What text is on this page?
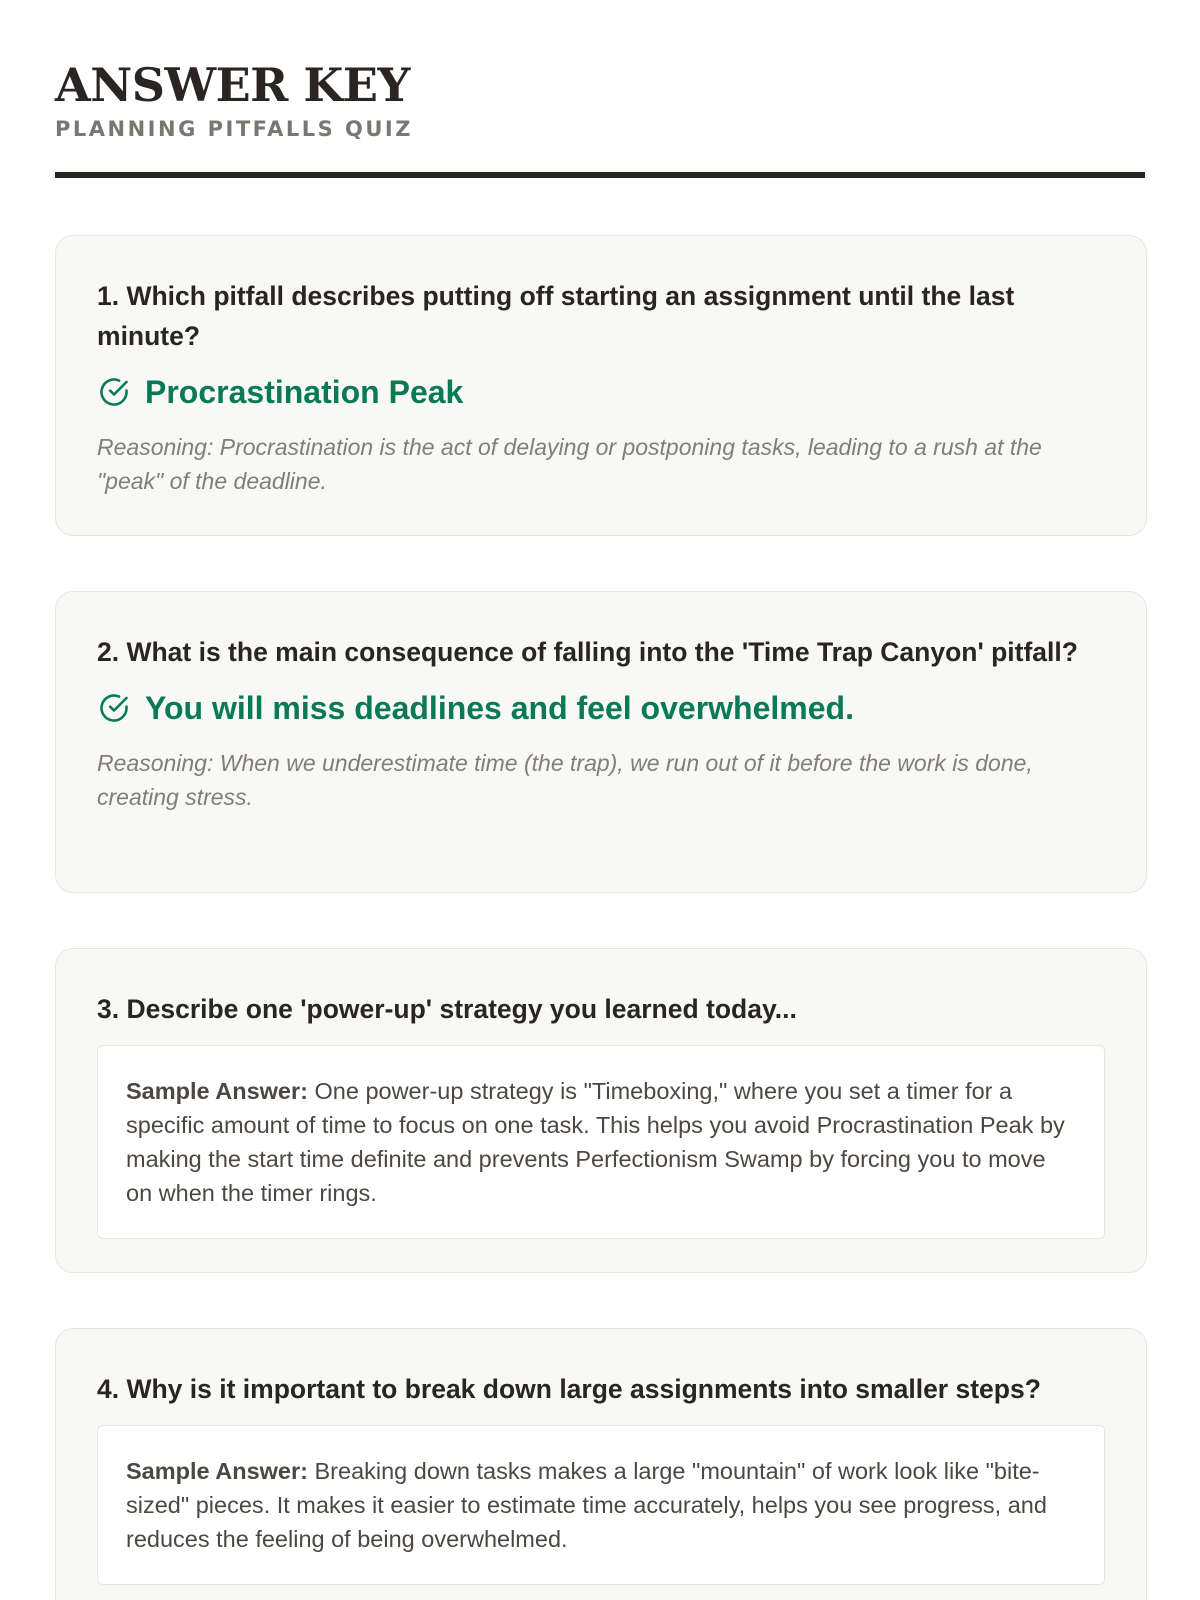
ANSWER KEY
PLANNING PITFALLS QUIZ
1. Which pitfall describes putting off starting an assignment until the last minute?
Procrastination Peak
Reasoning: Procrastination is the act of delaying or postponing tasks, leading to a rush at the "peak" of the deadline.
2. What is the main consequence of falling into the 'Time Trap Canyon' pitfall?
You will miss deadlines and feel overwhelmed.
Reasoning: When we underestimate time (the trap), we run out of it before the work is done, creating stress.
3. Describe one 'power-up' strategy you learned today...
Sample Answer: One power-up strategy is "Timeboxing," where you set a timer for a specific amount of time to focus on one task. This helps you avoid Procrastination Peak by making the start time definite and prevents Perfectionism Swamp by forcing you to move on when the timer rings.
4. Why is it important to break down large assignments into smaller steps?
Sample Answer: Breaking down tasks makes a large "mountain" of work look like "bite-sized" pieces. It makes it easier to estimate time accurately, helps you see progress, and reduces the feeling of being overwhelmed.
